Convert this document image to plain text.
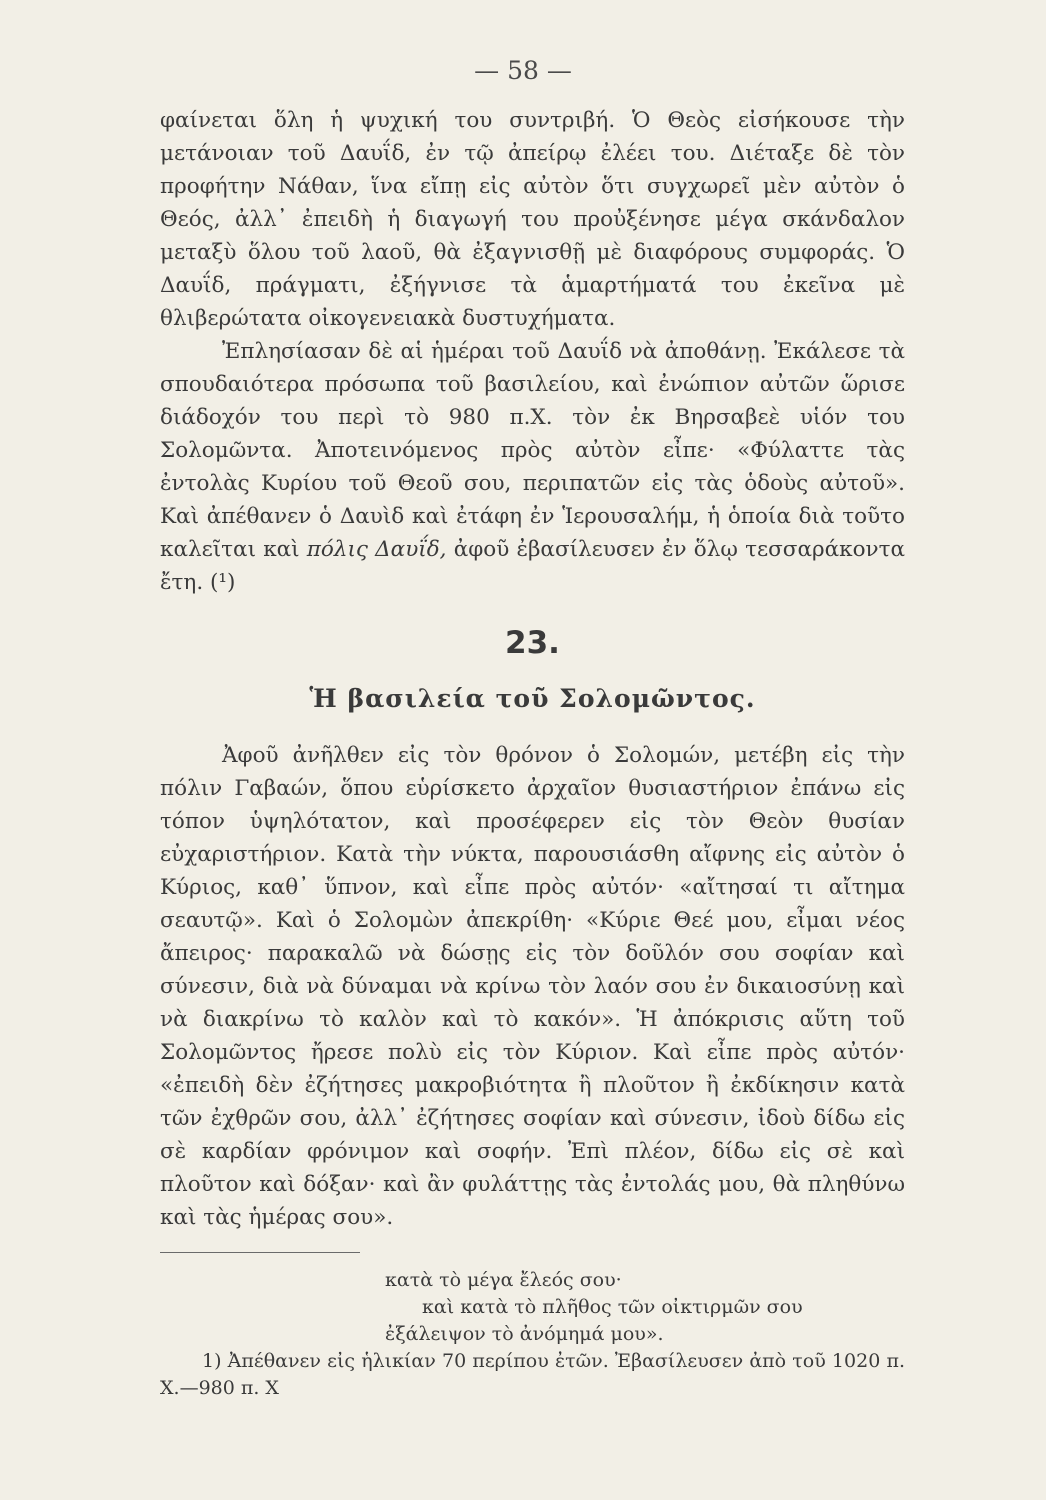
— 58 —

φαίνεται ὅλη ἡ ψυχική του συντριβή. Ὁ Θεὸς εἰσήκουσε τὴν μετάνοιαν τοῦ Δαυΐδ, ἐν τῷ ἀπείρῳ ἐλέει του. Διέταξε δὲ τὸν προφήτην Νάθαν, ἵνα εἴπῃ εἰς αὐτὸν ὅτι συγχωρεῖ μὲν αὐτὸν ὁ Θεός, ἀλλ᾽ ἐπειδὴ ἡ διαγωγή του προὐξένησε μέγα σκάνδαλον μεταξὺ ὅλου τοῦ λαοῦ, θὰ ἐξαγνισθῇ μὲ διαφόρους συμφοράς. Ὁ Δαυΐδ, πράγματι, ἐξήγνισε τὰ ἁμαρτήματά του ἐκεῖνα μὲ θλιβερώτατα οἰκογενειακὰ δυστυχήματα.

Ἐπλησίασαν δὲ αἱ ἡμέραι τοῦ Δαυΐδ νὰ ἀποθάνῃ. Ἐκάλεσε τὰ σπουδαιότερα πρόσωπα τοῦ βασιλείου, καὶ ἐνώπιον αὐτῶν ὥρισε διάδοχόν του περὶ τὸ 980 π.Χ. τὸν ἐκ Βηρσαβεὲ υἱόν του Σολομῶντα. Ἀποτεινόμενος πρὸς αὐτὸν εἶπε· «Φύλαττε τὰς ἐντολὰς Κυρίου τοῦ Θεοῦ σου, περιπατῶν εἰς τὰς ὁδοὺς αὐτοῦ». Καὶ ἀπέθανεν ὁ Δαυὶδ καὶ ἐτάφη ἐν Ἱερουσαλήμ, ἡ ὁποία διὰ τοῦτο καλεῖται καὶ πόλις Δαυΐδ, ἀφοῦ ἐβασίλευσεν ἐν ὅλῳ τεσσαράκοντα ἔτη. (¹)

23.
Ἡ βασιλεία τοῦ Σολομῶντος.

Ἀφοῦ ἀνῆλθεν εἰς τὸν θρόνον ὁ Σολομών, μετέβη εἰς τὴν πόλιν Γαβαών, ὅπου εὑρίσκετο ἀρχαῖον θυσιαστήριον ἐπάνω εἰς τόπον ὑψηλότατον, καὶ προσέφερεν εἰς τὸν Θεὸν θυσίαν εὐχαριστήριον. Κατὰ τὴν νύκτα, παρουσιάσθη αἴφνης εἰς αὐτὸν ὁ Κύριος, καθ᾽ ὕπνον, καὶ εἶπε πρὸς αὐτόν· «αἴτησαί τι αἴτημα σεαυτῷ». Καὶ ὁ Σολομὼν ἀπεκρίθη· «Κύριε Θεέ μου, εἶμαι νέος ἄπειρος· παρακαλῶ νὰ δώσῃς εἰς τὸν δοῦλόν σου σοφίαν καὶ σύνεσιν, διὰ νὰ δύναμαι νὰ κρίνω τὸν λαόν σου ἐν δικαιοσύνῃ καὶ νὰ διακρίνω τὸ καλὸν καὶ τὸ κακόν». Ἡ ἀπόκρισις αὕτη τοῦ Σολομῶντος ἤρεσε πολὺ εἰς τὸν Κύριον. Καὶ εἶπε πρὸς αὐτόν· «ἐπειδὴ δὲν ἐζήτησες μακροβιότητα ἢ πλοῦτον ἢ ἐκδίκησιν κατὰ τῶν ἐχθρῶν σου, ἀλλ᾽ ἐζήτησες σοφίαν καὶ σύνεσιν, ἰδοὺ δίδω εἰς σὲ καρδίαν φρόνιμον καὶ σοφήν. Ἐπὶ πλέον, δίδω εἰς σὲ καὶ πλοῦτον καὶ δόξαν· καὶ ἂν φυλάττῃς τὰς ἐντολάς μου, θὰ πληθύνω καὶ τὰς ἡμέρας σου».

κατὰ τὸ μέγα ἔλεός σου·
καὶ κατὰ τὸ πλῆθος τῶν οἰκτιρμῶν σου
ἐξάλειψον τὸ ἀνόμημά μου».
1) Ἀπέθανεν εἰς ἡλικίαν 70 περίπου ἐτῶν. Ἐβασίλευσεν ἀπὸ τοῦ 1020 π. Χ.—980 π. Χ
